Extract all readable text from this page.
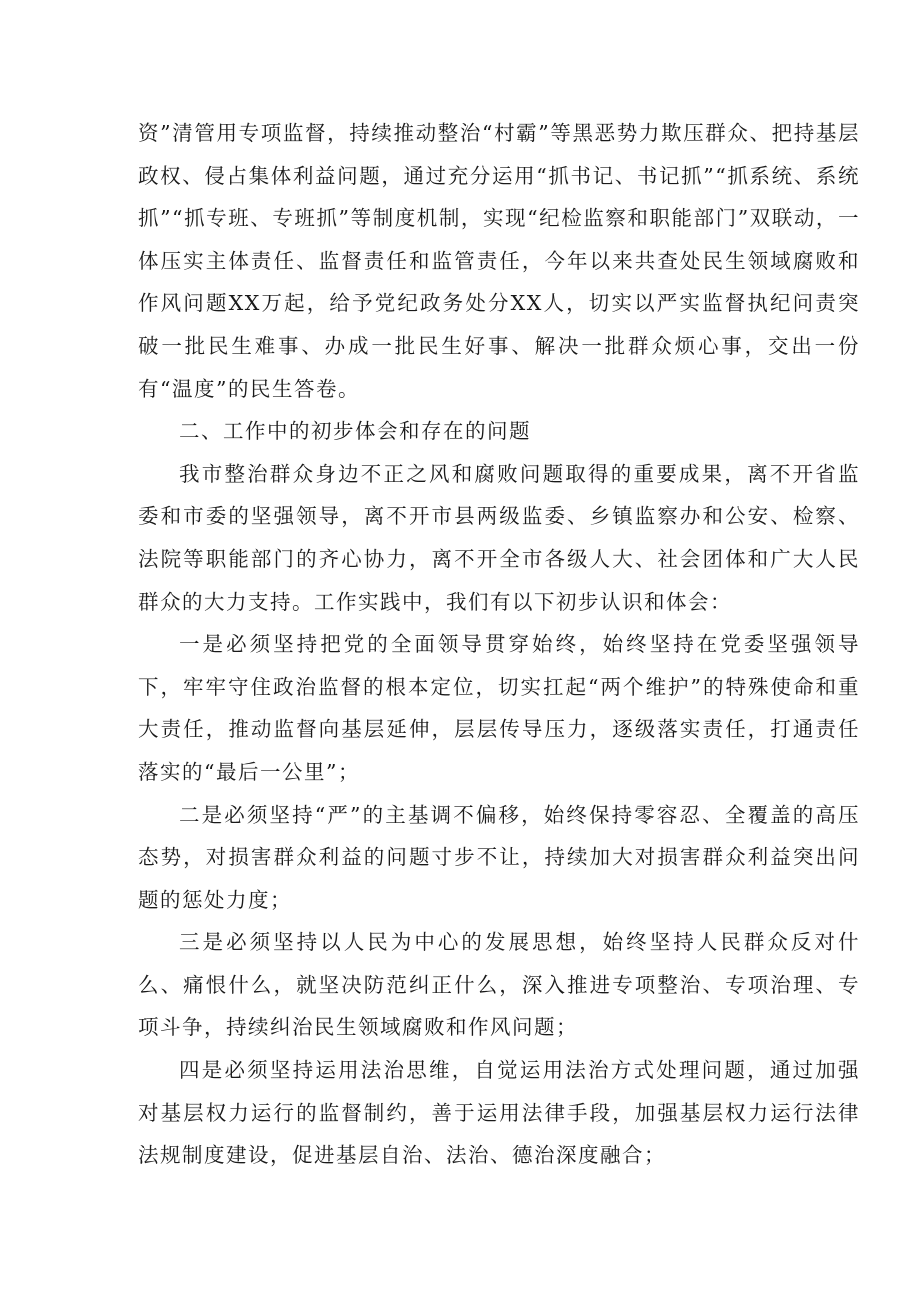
资”清管用专项监督，持续推动整治“村霸”等黑恶势力欺压群众、把持基层政权、侵占集体利益问题，通过充分运用“抓书记、书记抓”“抓系统、系统抓”“抓专班、专班抓”等制度机制，实现“纪检监察和职能部门”双联动，一体压实主体责任、监督责任和监管责任，今年以来共查处民生领域腐败和作风问题XX万起，给予党纪政务处分XX人，切实以严实监督执纪问责突破一批民生难事、办成一批民生好事、解决一批群众烦心事，交出一份有“温度”的民生答卷。

二、工作中的初步体会和存在的问题

我市整治群众身边不正之风和腐败问题取得的重要成果，离不开省监委和市委的坚强领导，离不开市县两级监委、乡镇监察办和公安、检察、法院等职能部门的齐心协力，离不开全市各级人大、社会团体和广大人民群众的大力支持。工作实践中，我们有以下初步认识和体会：

一是必须坚持把党的全面领导贯穿始终，始终坚持在党委坚强领导下，牢牢守住政治监督的根本定位，切实扛起“两个维护”的特殊使命和重大责任，推动监督向基层延伸，层层传导压力，逐级落实责任，打通责任落实的“最后一公里”；

二是必须坚持“严”的主基调不偏移，始终保持零容忍、全覆盖的高压态势，对损害群众利益的问题寸步不让，持续加大对损害群众利益突出问题的惩处力度；

三是必须坚持以人民为中心的发展思想，始终坚持人民群众反对什么、痛恨什么，就坚决防范纠正什么，深入推进专项整治、专项治理、专项斗争，持续纠治民生领域腐败和作风问题；

四是必须坚持运用法治思维，自觉运用法治方式处理问题，通过加强对基层权力运行的监督制约，善于运用法律手段，加强基层权力运行法律法规制度建设，促进基层自治、法治、德治深度融合；
